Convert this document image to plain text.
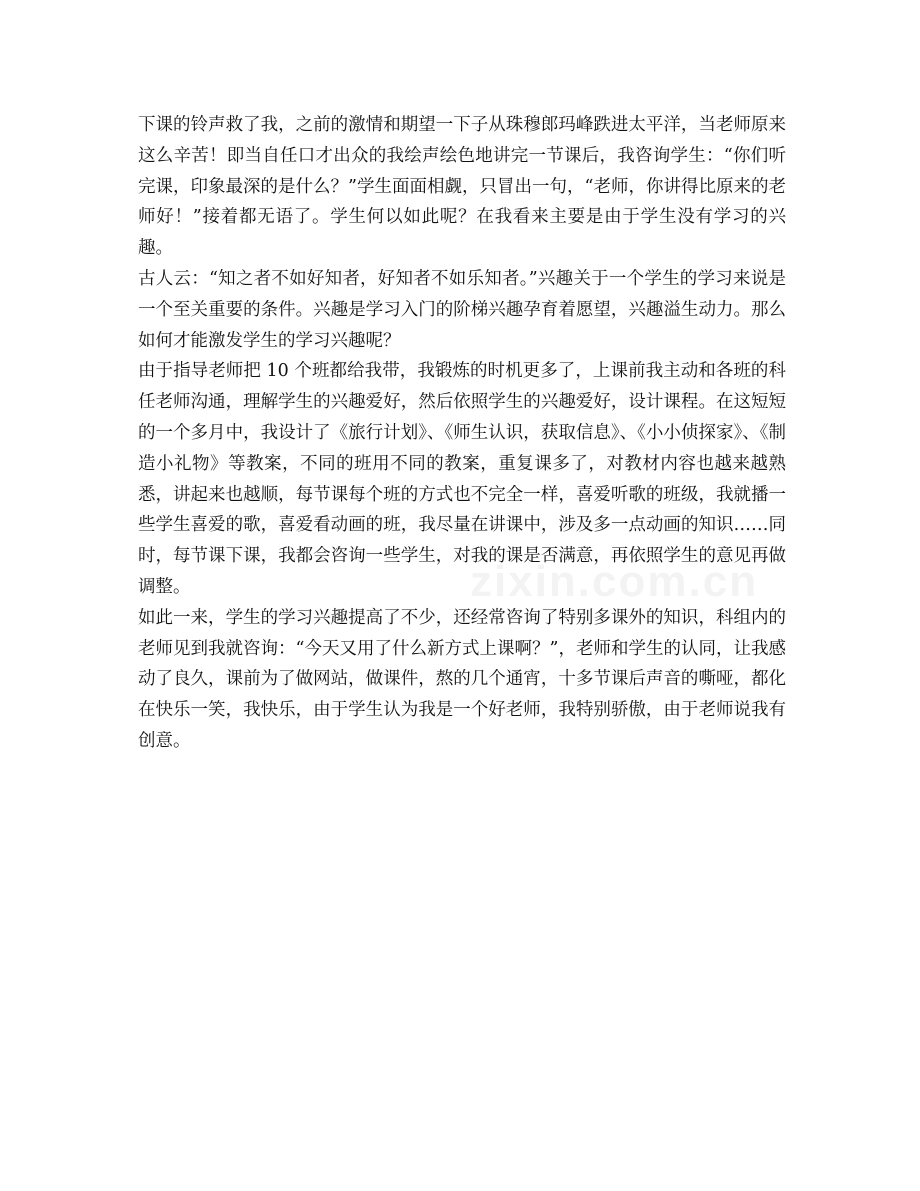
下课的铃声救了我，之前的激情和期望一下子从珠穆郎玛峰跌进太平洋，当老师原来这么辛苦！即当自任口才出众的我绘声绘色地讲完一节课后，我咨询学生：“你们听完课，印象最深的是什么？”学生面面相觑，只冒出一句，“老师，你讲得比原来的老师好！”接着都无语了。学生何以如此呢？在我看来主要是由于学生没有学习的兴趣。

古人云：“知之者不如好知者，好知者不如乐知者。”兴趣关于一个学生的学习来说是一个至关重要的条件。兴趣是学习入门的阶梯兴趣孕育着愿望，兴趣溢生动力。那么如何才能激发学生的学习兴趣呢？

由于指导老师把 10 个班都给我带，我锻炼的时机更多了，上课前我主动和各班的科任老师沟通，理解学生的兴趣爱好，然后依照学生的兴趣爱好，设计课程。在这短短的一个多月中，我设计了《旅行计划》、《师生认识，获取信息》、《小小侦探家》、《制造小礼物》等教案，不同的班用不同的教案，重复课多了，对教材内容也越来越熟悉，讲起来也越顺，每节课每个班的方式也不完全一样，喜爱听歌的班级，我就播一些学生喜爱的歌，喜爱看动画的班，我尽量在讲课中，涉及多一点动画的知识……同时，每节课下课，我都会咨询一些学生，对我的课是否满意，再依照学生的意见再做调整。

如此一来，学生的学习兴趣提高了不少，还经常咨询了特别多课外的知识，科组内的老师见到我就咨询：“今天又用了什么新方式上课啊？”，老师和学生的认同，让我感动了良久，课前为了做网站，做课件，熬的几个通宵，十多节课后声音的嘶哑，都化在快乐一笑，我快乐，由于学生认为我是一个好老师，我特别骄傲，由于老师说我有创意。

zixin.com.cn
